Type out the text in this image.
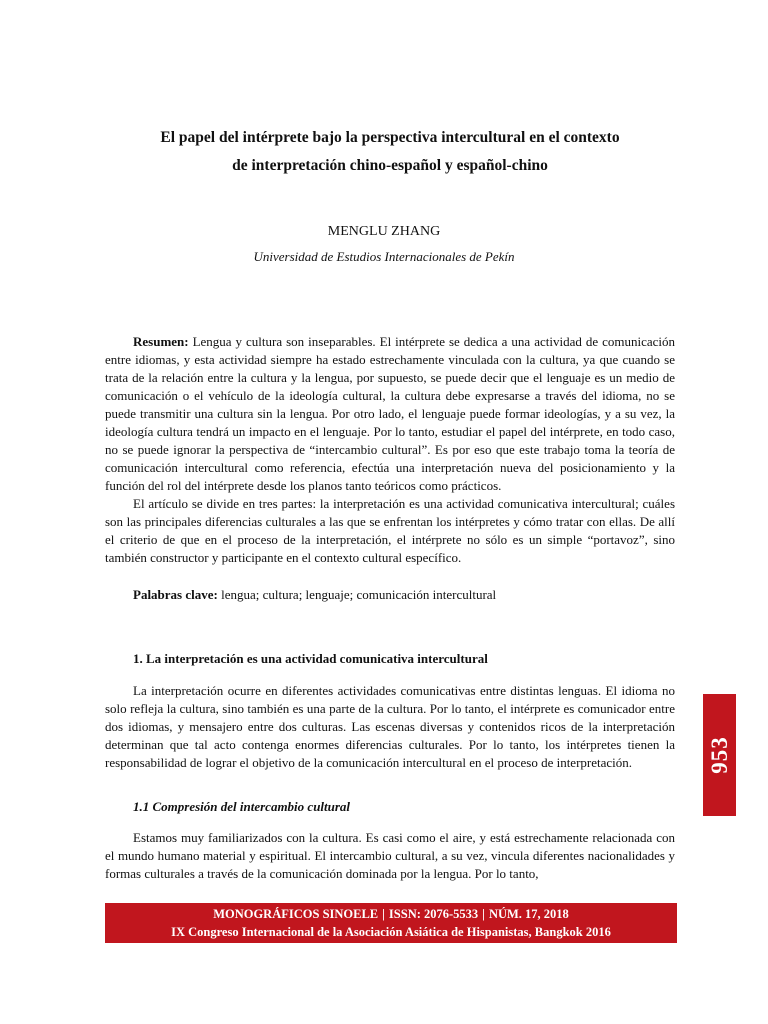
El papel del intérprete bajo la perspectiva intercultural en el contexto
de interpretación chino-español y español-chino
MENGLU ZHANG
Universidad de Estudios Internacionales de Pekín

Resumen: Lengua y cultura son inseparables. El intérprete se dedica a una actividad de comunicación entre idiomas, y esta actividad siempre ha estado estrechamente vinculada con la cultura, ya que cuando se trata de la relación entre la cultura y la lengua, por supuesto, se puede decir que el lenguaje es un medio de comunicación o el vehículo de la ideología cultural, la cultura debe expresarse a través del idioma, no se puede transmitir una cultura sin la lengua. Por otro lado, el lenguaje puede formar ideologías, y a su vez, la ideología cultura tendrá un impacto en el lenguaje. Por lo tanto, estudiar el papel del intérprete, en todo caso, no se puede ignorar la perspectiva de “intercambio cultural”. Es por eso que este trabajo toma la teoría de comunicación intercultural como referencia, efectúa una interpretación nueva del posicionamiento y la función del rol del intérprete desde los planos tanto teóricos como prácticos.

El artículo se divide en tres partes: la interpretación es una actividad comunicativa intercultural; cuáles son las principales diferencias culturales a las que se enfrentan los intérpretes y cómo tratar con ellas. De allí el criterio de que en el proceso de la interpretación, el intérprete no sólo es un simple “portavoz”, sino también constructor y participante en el contexto cultural específico.

Palabras clave: lengua; cultura; lenguaje; comunicación intercultural
1. La interpretación es una actividad comunicativa intercultural

La interpretación ocurre en diferentes actividades comunicativas entre distintas lenguas. El idioma no solo refleja la cultura, sino también es una parte de la cultura. Por lo tanto, el intérprete es comunicador entre dos idiomas, y mensajero entre dos culturas. Las escenas diversas y contenidos ricos de la interpretación determinan que tal acto contenga enormes diferencias culturales. Por lo tanto, los intérpretes tienen la responsabilidad de lograr el objetivo de la comunicación intercultural en el proceso de interpretación.

1.1 Compresión del intercambio cultural

Estamos muy familiarizados con la cultura. Es casi como el aire, y está estrechamente relacionada con el mundo humano material y espiritual. El intercambio cultural, a su vez, vincula diferentes nacionalidades y formas culturales a través de la comunicación dominada por la lengua. Por lo tanto,

953
MONOGRÁFICOS SINOELE | ISSN: 2076-5533 | NÚM. 17, 2018
IX Congreso Internacional de la Asociación Asiática de Hispanistas, Bangkok 2016
